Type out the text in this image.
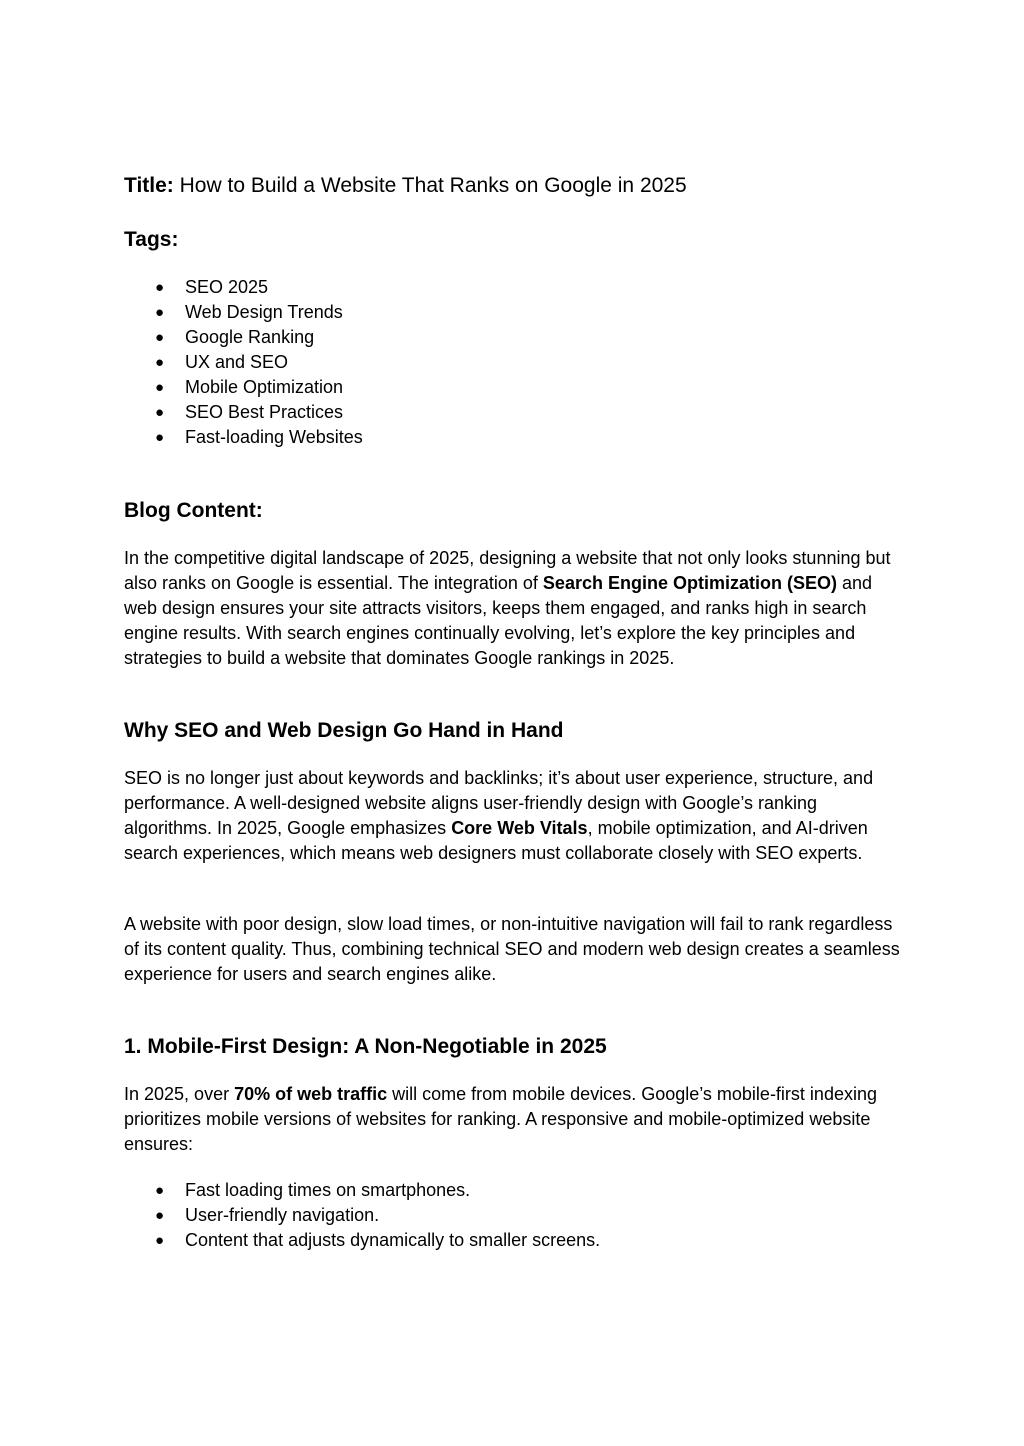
Title: How to Build a Website That Ranks on Google in 2025
Tags:
● SEO 2025
● Web Design Trends
● Google Ranking
● UX and SEO
● Mobile Optimization
● SEO Best Practices
● Fast-loading Websites
Blog Content:
In the competitive digital landscape of 2025, designing a website that not only looks stunning but also ranks on Google is essential. The integration of Search Engine Optimization (SEO) and web design ensures your site attracts visitors, keeps them engaged, and ranks high in search engine results. With search engines continually evolving, let’s explore the key principles and strategies to build a website that dominates Google rankings in 2025.
Why SEO and Web Design Go Hand in Hand
SEO is no longer just about keywords and backlinks; it’s about user experience, structure, and performance. A well-designed website aligns user-friendly design with Google’s ranking algorithms. In 2025, Google emphasizes Core Web Vitals, mobile optimization, and AI-driven search experiences, which means web designers must collaborate closely with SEO experts.
A website with poor design, slow load times, or non-intuitive navigation will fail to rank regardless of its content quality. Thus, combining technical SEO and modern web design creates a seamless experience for users and search engines alike.
1. Mobile-First Design: A Non-Negotiable in 2025
In 2025, over 70% of web traffic will come from mobile devices. Google’s mobile-first indexing prioritizes mobile versions of websites for ranking. A responsive and mobile-optimized website ensures:
● Fast loading times on smartphones.
● User-friendly navigation.
● Content that adjusts dynamically to smaller screens.
